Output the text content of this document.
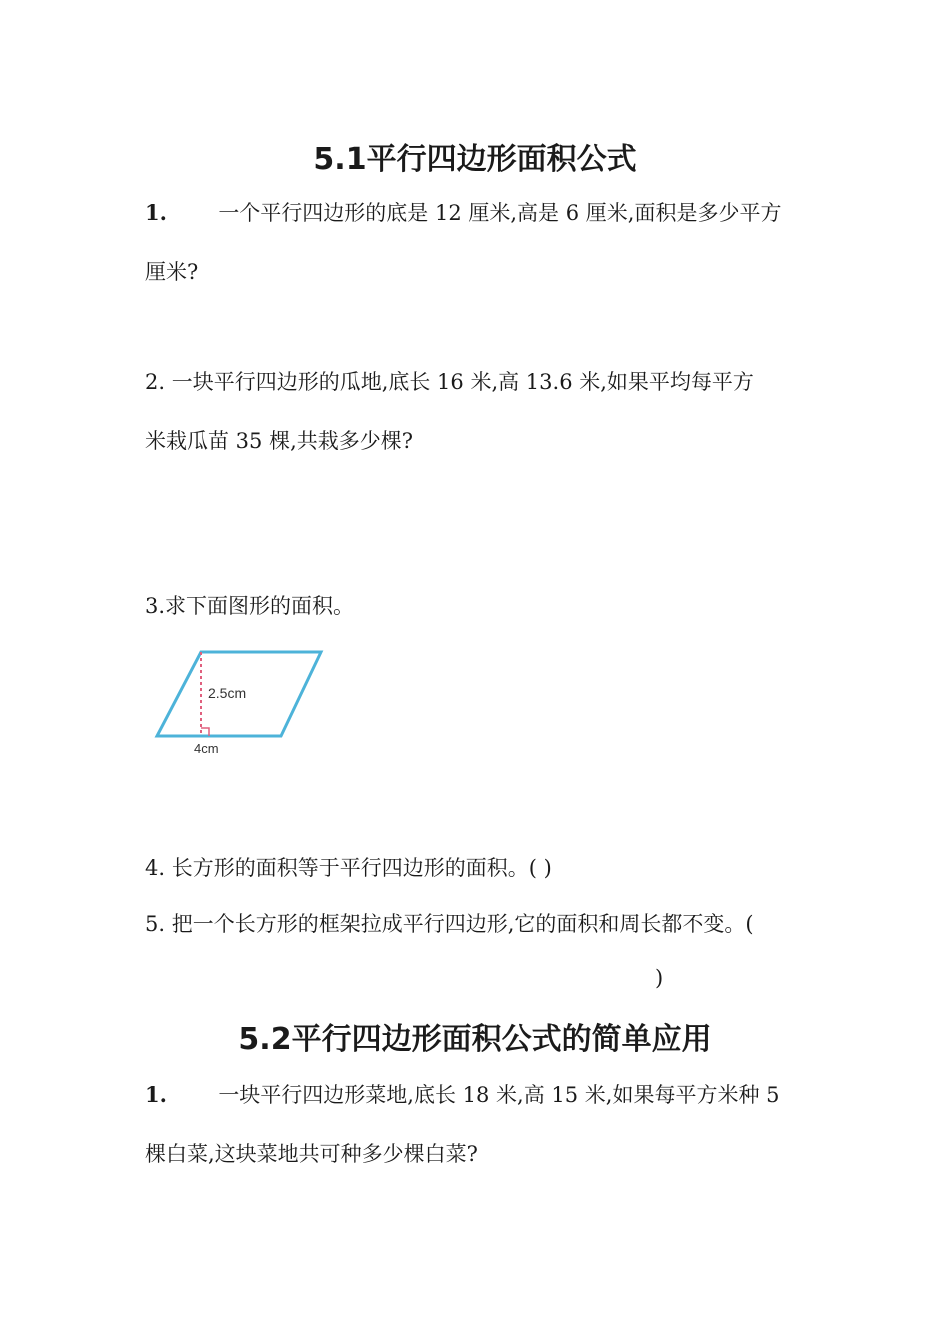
5.1平行四边形面积公式
1. 一个平行四边形的底是 12 厘米,高是 6 厘米,面积是多少平方
厘米?
2. 一块平行四边形的瓜地,底长 16 米,高 13.6 米,如果平均每平方
米栽瓜苗 35 棵,共栽多少棵?
3.求下面图形的面积。
2.5cm
4cm
4. 长方形的面积等于平行四边形的面积。( )
5. 把一个长方形的框架拉成平行四边形,它的面积和周长都不变。(
)
5.2平行四边形面积公式的简单应用
1. 一块平行四边形菜地,底长 18 米,高 15 米,如果每平方米种 5
棵白菜,这块菜地共可种多少棵白菜?
